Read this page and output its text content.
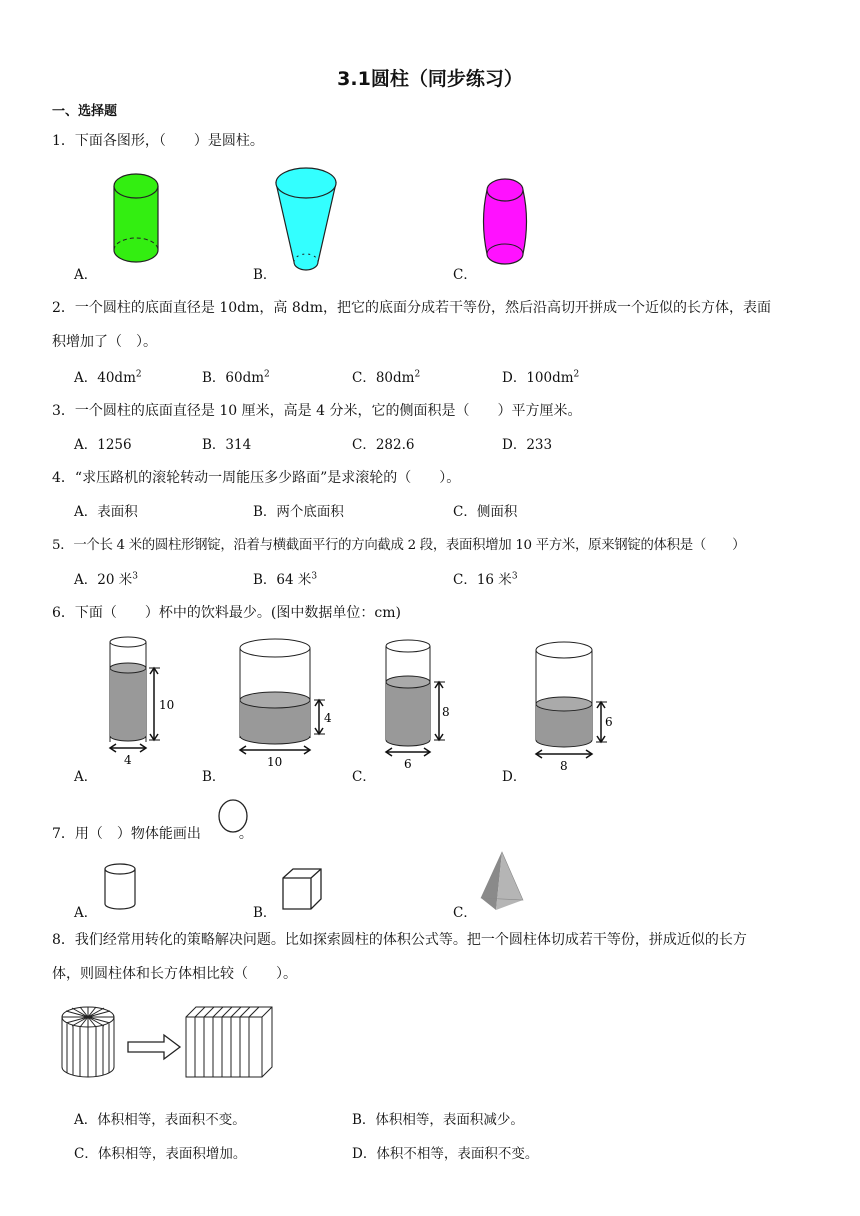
3.1圆柱（同步练习）
一、选择题
1．下面各图形，（　　）是圆柱。
A．	B．	C．
2．一个圆柱的底面直径是 10dm，高 8dm，把它的底面分成若干等份，然后沿高切开拼成一个近似的长方体，表面
积增加了（　）。
A．$40dm^2$	B．$60dm^2$	C．$80dm^2$	D．$100dm^2$
3．一个圆柱的底面直径是 10 厘米，高是 4 分米，它的侧面积是（　　）平方厘米。
A．1256	B．314	C．282.6	D．233
4．“求压路机的滚轮转动一周能压多少路面”是求滚轮的（　　）。
A．表面积	B．两个底面积	C．侧面积
5．一个长 4 米的圆柱形钢锭，沿着与横截面平行的方向截成 2 段，表面积增加 10 平方米，原来钢锭的体积是（　　）
A．20 米$^3$	B．64 米$^3$	C．16 米$^3$
6．下面（　　）杯中的饮料最少。(图中数据单位：cm)
10
4
4
10
8
6
6
8
A．	B．	C．	D．
7．用（　）物体能画出	。
A．	B．	C．
8．我们经常用转化的策略解决问题。比如探索圆柱的体积公式等。把一个圆柱体切成若干等份，拼成近似的长方
体，则圆柱体和长方体相比较（　　）。
A．体积相等，表面积不变。	B．体积相等，表面积减少。
C．体积相等，表面积增加。	D．体积不相等，表面积不变。
